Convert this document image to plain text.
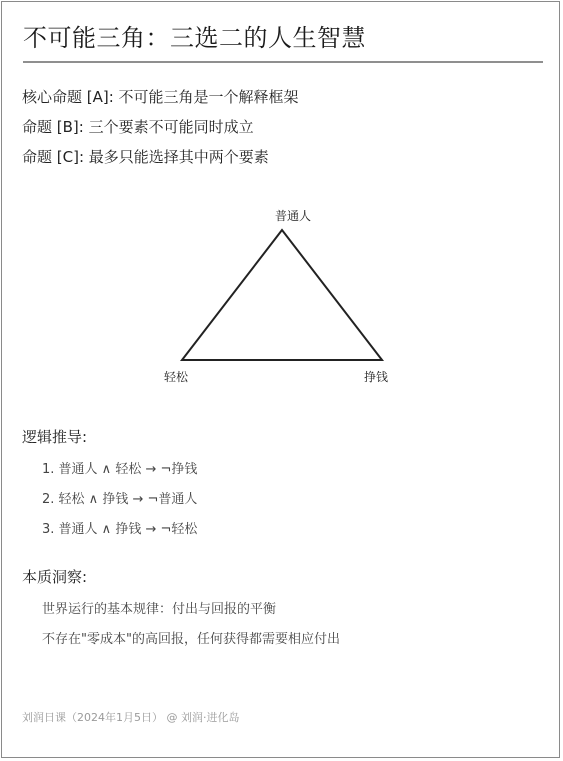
不可能三角：三选二的人生智慧
核心命题 [A]: 不可能三角是一个解释框架
命题 [B]: 三个要素不可能同时成立
命题 [C]: 最多只能选择其中两个要素
普通人
轻松	挣钱
逻辑推导:
1. 普通人 ∧ 轻松 → ¬挣钱
2. 轻松 ∧ 挣钱 → ¬普通人
3. 普通人 ∧ 挣钱 → ¬轻松
本质洞察:
世界运行的基本规律：付出与回报的平衡
不存在"零成本"的高回报，任何获得都需要相应付出
刘润日课（2024年1月5日） @ 刘润·进化岛
